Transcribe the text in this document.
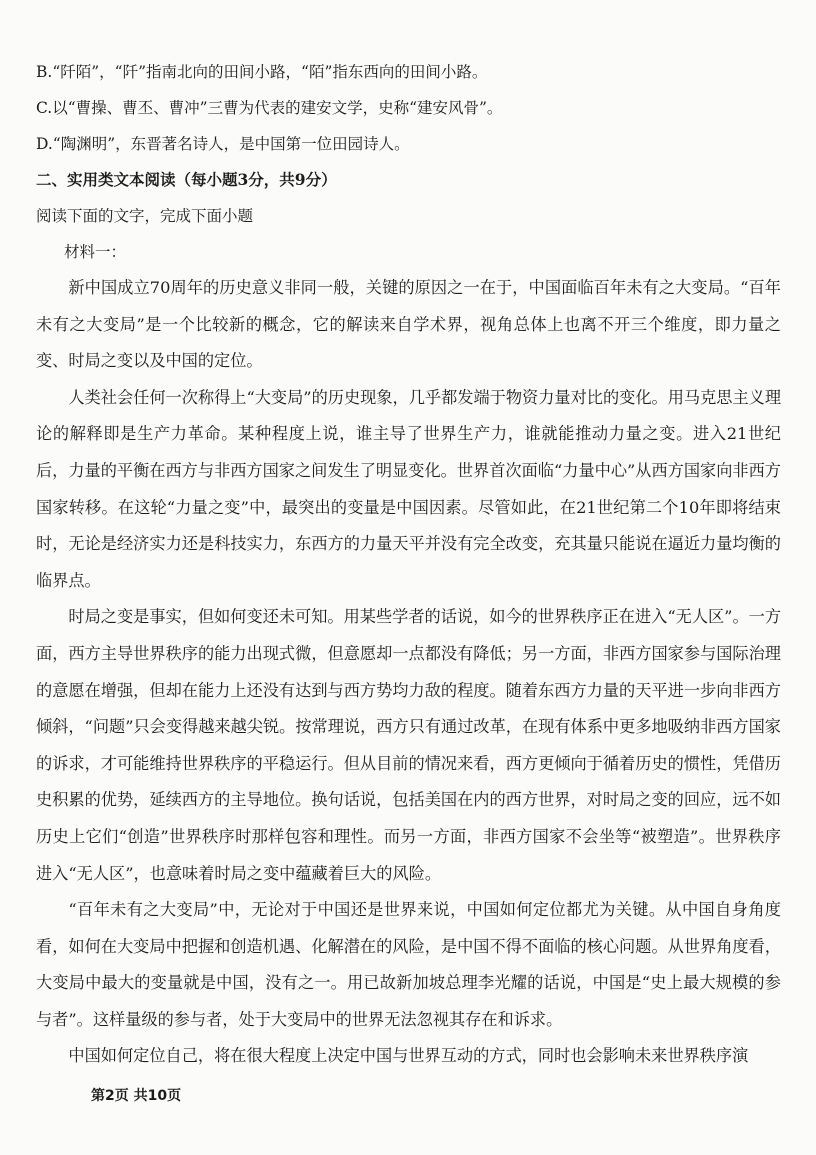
B.“阡陌”，“阡”指南北向的田间小路，“陌”指东西向的田间小路。
C.以“曹操、曹丕、曹冲”三曹为代表的建安文学，史称“建安风骨”。
D.“陶渊明”，东晋著名诗人，是中国第一位田园诗人。
二、实用类文本阅读（每小题3分，共9分）
阅读下面的文字，完成下面小题
材料一：

新中国成立70周年的历史意义非同一般，关键的原因之一在于，中国面临百年未有之大变局。“百年未有之大变局”是一个比较新的概念，它的解读来自学术界，视角总体上也离不开三个维度，即力量之变、时局之变以及中国的定位。

人类社会任何一次称得上“大变局”的历史现象，几乎都发端于物资力量对比的变化。用马克思主义理论的解释即是生产力革命。某种程度上说，谁主导了世界生产力，谁就能推动力量之变。进入21世纪后，力量的平衡在西方与非西方国家之间发生了明显变化。世界首次面临“力量中心”从西方国家向非西方国家转移。在这轮“力量之变”中，最突出的变量是中国因素。尽管如此，在21世纪第二个10年即将结束时，无论是经济实力还是科技实力，东西方的力量天平并没有完全改变，充其量只能说在逼近力量均衡的临界点。

时局之变是事实，但如何变还未可知。用某些学者的话说，如今的世界秩序正在进入“无人区”。一方面，西方主导世界秩序的能力出现式微，但意愿却一点都没有降低；另一方面，非西方国家参与国际治理的意愿在增强，但却在能力上还没有达到与西方势均力敌的程度。随着东西方力量的天平进一步向非西方倾斜，“问题”只会变得越来越尖锐。按常理说，西方只有通过改革，在现有体系中更多地吸纳非西方国家的诉求，才可能维持世界秩序的平稳运行。但从目前的情况来看，西方更倾向于循着历史的惯性，凭借历史积累的优势，延续西方的主导地位。换句话说，包括美国在内的西方世界，对时局之变的回应，远不如历史上它们“创造”世界秩序时那样包容和理性。而另一方面，非西方国家不会坐等“被塑造”。世界秩序进入“无人区”，也意味着时局之变中蕴藏着巨大的风险。

“百年未有之大变局”中，无论对于中国还是世界来说，中国如何定位都尤为关键。从中国自身角度看，如何在大变局中把握和创造机遇、化解潜在的风险，是中国不得不面临的核心问题。从世界角度看，大变局中最大的变量就是中国，没有之一。用已故新加坡总理李光耀的话说，中国是“史上最大规模的参与者”。这样量级的参与者，处于大变局中的世界无法忽视其存在和诉求。

中国如何定位自己，将在很大程度上决定中国与世界互动的方式，同时也会影响未来世界秩序演

第2页 共10页
